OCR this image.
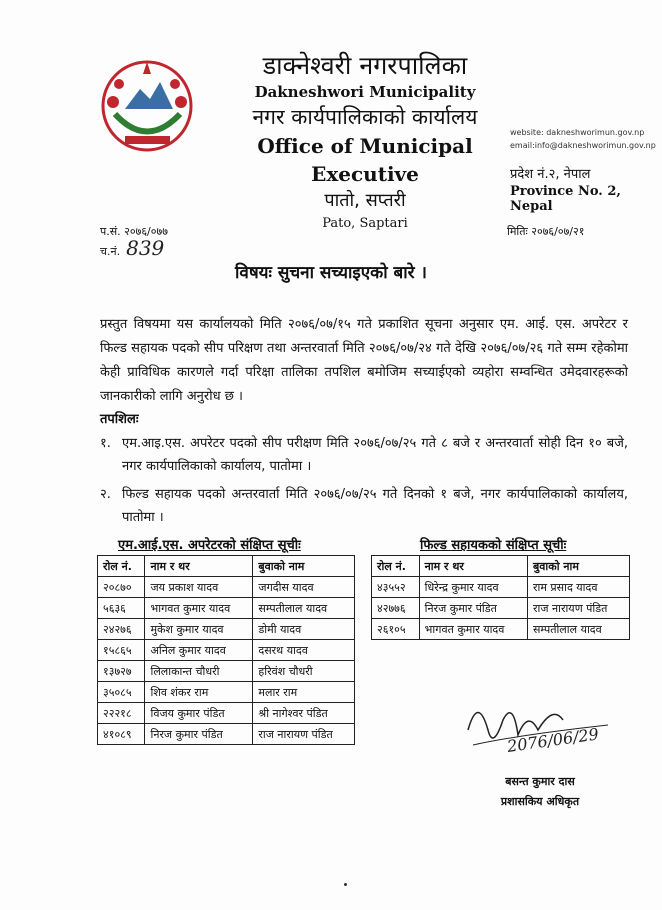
डाक्नेश्वरी नगरपालिका
Dakneshwori Municipality
नगर कार्यपालिकाको कार्यालय
Office of Municipal Executive
पातो, सप्तरी
Pato, Saptari
website: dakneshworimun.gov.np
email:info@dakneshworimun.gov.np
प्रदेश नं.२, नेपाल
Province No. 2, Nepal
प.सं. २०७६/०७७
च.नं. 839
मितिः २०७६/०७/२१
विषयः सुचना सच्याइएको बारे ।
प्रस्तुत विषयमा यस कार्यालयको मिति २०७६/०७/१५ गते प्रकाशित सूचना अनुसार एम. आई. एस. अपरेटर र फिल्ड सहायक पदको सीप परिक्षण तथा अन्तरवार्ता मिति २०७६/०७/२४ गते देखि २०७६/०७/२६ गते सम्म रहेकोमा केही प्राविधिक कारणले गर्दा परिक्षा तालिका तपशिल बमोजिम सच्याईएको व्यहोरा सम्वन्धित उमेदवारहरूको जानकारीको लागि अनुरोध छ ।
तपशिलः
१. एम.आइ.एस. अपरेटर पदको सीप परीक्षण मिति २०७६/०७/२५ गते ८ बजे र अन्तरवार्ता सोही दिन १० बजे, नगर कार्यपालिकाको कार्यालय, पातोमा ।
२. फिल्ड सहायक पदको अन्तरवार्ता मिति २०७६/०७/२५ गते दिनको १ बजे, नगर कार्यपालिकाको कार्यालय, पातोमा ।
एम.आई.एस. अपरेटरको संक्षिप्त सूचीः
रोल नं.	नाम र थर	बुवाको नाम
२०८७०	जय प्रकाश यादव	जगदीस यादव
५६३६	भागवत कुमार यादव	सम्पतीलाल यादव
२४२७६	मुकेश कुमार यादव	डोमी यादव
१५८६५	अनिल कुमार यादव	दसरथ यादव
१३७२७	लिलाकान्त चौधरी	हरिवंश चौधरी
३५०८५	शिव शंकर राम	मलार राम
२२२१८	विजय कुमार पंडित	श्री नागेश्वर पंडित
४१०८९	निरज कुमार पंडित	राज नारायण पंडित
फिल्ड सहायकको संक्षिप्त सूचीः
रोल नं.	नाम र थर	बुवाको नाम
४३५५२	धिरेन्द्र कुमार यादव	राम प्रसाद यादव
४२७७६	निरज कुमार पंडित	राज नारायण पंडित
२६१०५	भागवत कुमार यादव	सम्पतीलाल यादव
2076/06/29
बसन्त कुमार दास
प्रशासकिय अधिकृत
